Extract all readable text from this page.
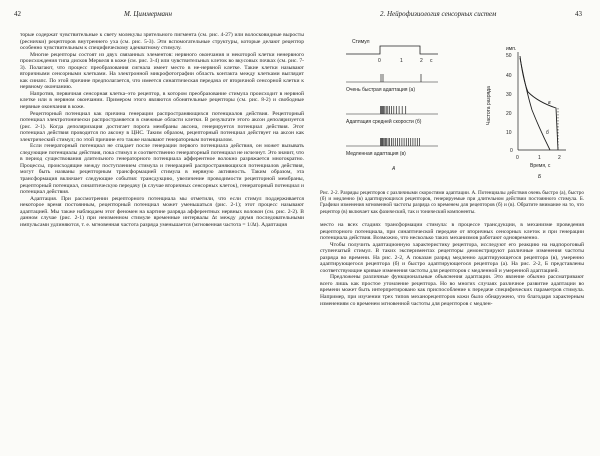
42	М. Циммерманн

торые содержат чувствительные к свету молекулы зрительного пигмента (см. рис. 4-27) или волосковидные выросты (реснички) рецепторов внутреннего уха (см. рис. 5-3). Эти вспомогательные структуры, которые делают рецептор особенно чувствительным к специфическому адекватному стимулу.

Многие рецепторы состоят из двух связанных элементов: нервного окончания и некоторой клетки ненервного происхождения типа дисков Меркеля в коже (см. рис. 3-4) или чувствительных клеток во вкусовых почках (см. рис. 7-3). Полагают, что процесс преобразования сигнала имеет место в не-нервной клетке. Такие клетки называют вторичными сенсорными клетками. На электронной микрофотографии область контакта между клетками выглядит как синапс. По этой причине предполагается, что имеется синаптическая передача от вторичной сенсорной клетки к нервному окончанию.

Напротив, первичная сенсорная клетка–это рецептор, в котором преобразование стимула происходит в нервной клетке или в нервном окончании. Примером этого являются обонятельные рецепторы (см. рис. 8-2) и свободные нервные окончания в коже.

Рецепторный потенциал как причина генерации распространяющихся потенциалов действия. Рецепторный потенциал электротонически распространяется в смежные области клетки. В результате этого аксон деполяризуется (рис. 2-1). Когда деполяризация достигает порога мембраны аксона, генерируется потенциал действия. Этот потенциал действия проводится по аксону в ЦНС. Таким образом, рецепторный потенциал действует на аксон как электрический стимул; по этой причине его также называют генераторным потенциалом.

Если генераторный потенциал не спадает после генерации первого потенциала действия, он может вызывать следующие потенциалы действия, пока стимул и соответственно генераторный потенциал не исчезнут. Это значит, что в период существования длительного генераторного потенциала афферентное волокно разряжается многократно. Процессы, происходящие между поступлением стимула и генерацией распространяющихся потенциалов действия, могут быть названы рецепторным трансформацией стимула в нервную активность. Таким образом, эта трансформация включает следующие события: трансдукцию, увеличение проводимости рецепторной мембраны, рецепторный потенциал, синаптическую передачу (в случае вторичных сенсорных клеток), генераторный потенциал и потенциал действия.

Адаптация. При рассмотрении рецепторного потенциала мы отметили, что если стимул поддерживается некоторое время постоянным, рецепторный потенциал может уменьшаться (рис. 2-1); этот процесс называют адаптацией. Мы также наблюдаем этот феномен на картине разряда афферентных нервных волокон (см. рис. 2-2). В данном случае (рис. 2-1) при неизменном стимуле временные интервалы Δt между двумя последовательными импульсами удлиняются, т. е. мгновенная частота разряда уменьшается (мгновенная частота = 1/Δt). Адаптация

2. Нейрофизиология сенсорных систем	43
Стимул
0	1	2 с
Очень быстрая адаптация (а)
Адаптация средней скорости (б)
Медленная адаптация (в)
А
имп.
Частота разряда
50
40
30
20
10
0
0	1	2
Время, с
б
в
Б
Рис. 2-2. Разряды рецепторов с различными скоростями адаптации. А. Потенциалы действия очень быстро (а), быстро (б) и медленно (в) адаптирующихся рецепторов, генерируемые при длительном действии постоянного стимула. Б. Графики изменения мгновенной частоты разряда со временем для рецепторов (б) и (в). Обратите внимание на то, что рецептор (в) включает как фазический, так и тонический компоненты.

место на всех стадиях трансформации стимула: в процессе трансдукции, в механизме проведения рецепторного потенциала, при синаптической передаче от вторичных сенсорных клеток и при генерации потенциала действия. Возможно, что несколько таких механизмов работают одновременно.

Чтобы получить адаптационную характеристику рецептора, исследуют его реакцию на надпороговый ступенчатый стимул. В таких экспериментах рецепторы демонстрируют различные изменения частоты разряда во времени. На рис. 2-2, А показан разряд медленно адаптирующегося рецептора (в), умеренно адаптирующегося рецептора (б) и быстро адаптирующегося рецептора (а). На рис. 2-2, Б представлены соответствующие кривые изменения частоты для рецепторов с медленной и умеренной адаптацией.

Предложены различные функциональные объяснения адаптации. Это явление обычно рассматривают всего лишь как простое утомление рецептора. Но во многих случаях различное развитие адаптации во времени может быть интерпретировано как приспособление к передаче специфических параметров стимула. Например, при изучении трех типов механорецепторов кожи было обнаружено, что благодаря характерным изменениям со временем мгновенной частоты для рецепторов с медлен-
